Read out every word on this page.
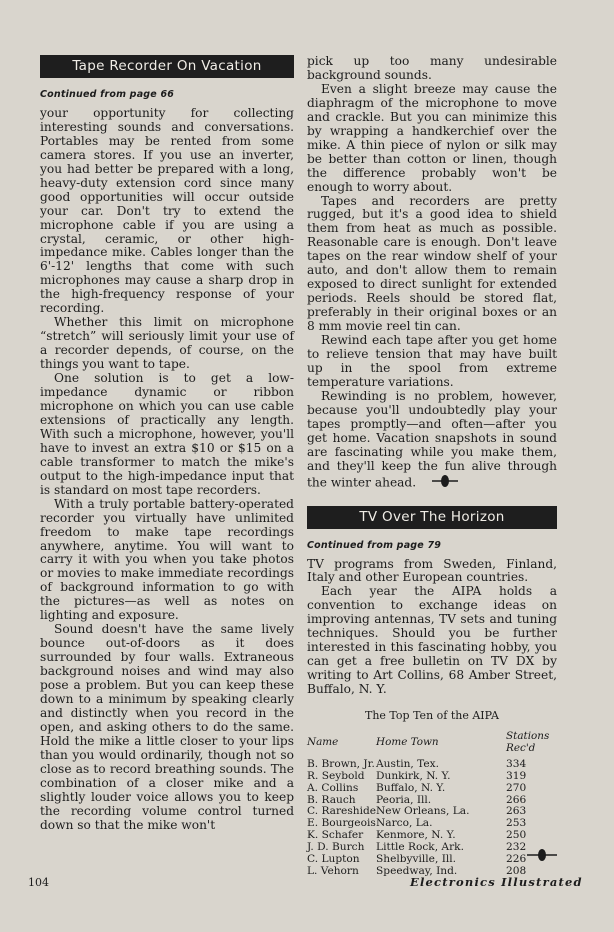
Tape Recorder On Vacation
Continued from page 66

your opportunity for collecting interesting sounds and conversations. Portables may be rented from some camera stores. If you use an inverter, you had better be prepared with a long, heavy-duty extension cord since many good opportunities will occur outside your car. Don't try to extend the microphone cable if you are using a crystal, ceramic, or other high-impedance mike. Cables longer than the 6'-12' lengths that come with such microphones may cause a sharp drop in the high-frequency response of your recording.

Whether this limit on microphone “stretch” will seriously limit your use of a recorder depends, of course, on the things you want to tape.

One solution is to get a low-impedance dynamic or ribbon microphone on which you can use cable extensions of practically any length. With such a microphone, however, you'll have to invest an extra $10 or $15 on a cable transformer to match the mike's output to the high-impedance input that is standard on most tape recorders.

With a truly portable battery-operated recorder you virtually have unlimited freedom to make tape recordings anywhere, anytime. You will want to carry it with you when you take photos or movies to make immediate recordings of background information to go with the pictures—as well as notes on lighting and exposure.

Sound doesn't have the same lively bounce out-of-doors as it does surrounded by four walls. Extraneous background noises and wind may also pose a problem. But you can keep these down to a minimum by speaking clearly and distinctly when you record in the open, and asking others to do the same. Hold the mike a little closer to your lips than you would ordinarily, though not so close as to record breathing sounds. The combination of a closer mike and a slightly louder voice allows you to keep the recording volume control turned down so that the mike won't

pick up too many undesirable background sounds.

Even a slight breeze may cause the diaphragm of the microphone to move and crackle. But you can minimize this by wrapping a handkerchief over the mike. A thin piece of nylon or silk may be better than cotton or linen, though the difference probably won't be enough to worry about.

Tapes and recorders are pretty rugged, but it's a good idea to shield them from heat as much as possible. Reasonable care is enough. Don't leave tapes on the rear window shelf of your auto, and don't allow them to remain exposed to direct sunlight for extended periods. Reels should be stored flat, preferably in their original boxes or an 8 mm movie reel tin can.

Rewind each tape after you get home to relieve tension that may have built up in the spool from extreme temperature variations.

Rewinding is no problem, however, because you'll undoubtedly play your tapes promptly—and often—after you get home. Vacation snapshots in sound are fascinating while you make them, and they'll keep the fun alive through the winter ahead.

TV Over The Horizon
Continued from page 79

TV programs from Sweden, Finland, Italy and other European countries.

Each year the AIPA holds a convention to exchange ideas on improving antennas, TV sets and tuning techniques. Should you be further interested in this fascinating hobby, you can get a free bulletin on TV DX by writing to Art Collins, 68 Amber Street, Buffalo, N. Y.

The Top Ten of the AIPA
Name	Home Town	Stations Rec'd
B. Brown, Jr.	Austin, Tex.	334
R. Seybold	Dunkirk, N. Y.	319
A. Collins	Buffalo, N. Y.	270
B. Rauch	Peoria, Ill.	266
C. Rareshide	New Orleans, La.	263
E. Bourgeois	Narco, La.	253
K. Schafer	Kenmore, N. Y.	250
J. D. Burch	Little Rock, Ark.	232
C. Lupton	Shelbyville, Ill.	226
L. Vehorn	Speedway, Ind.	208
104	Electronics Illustrated
